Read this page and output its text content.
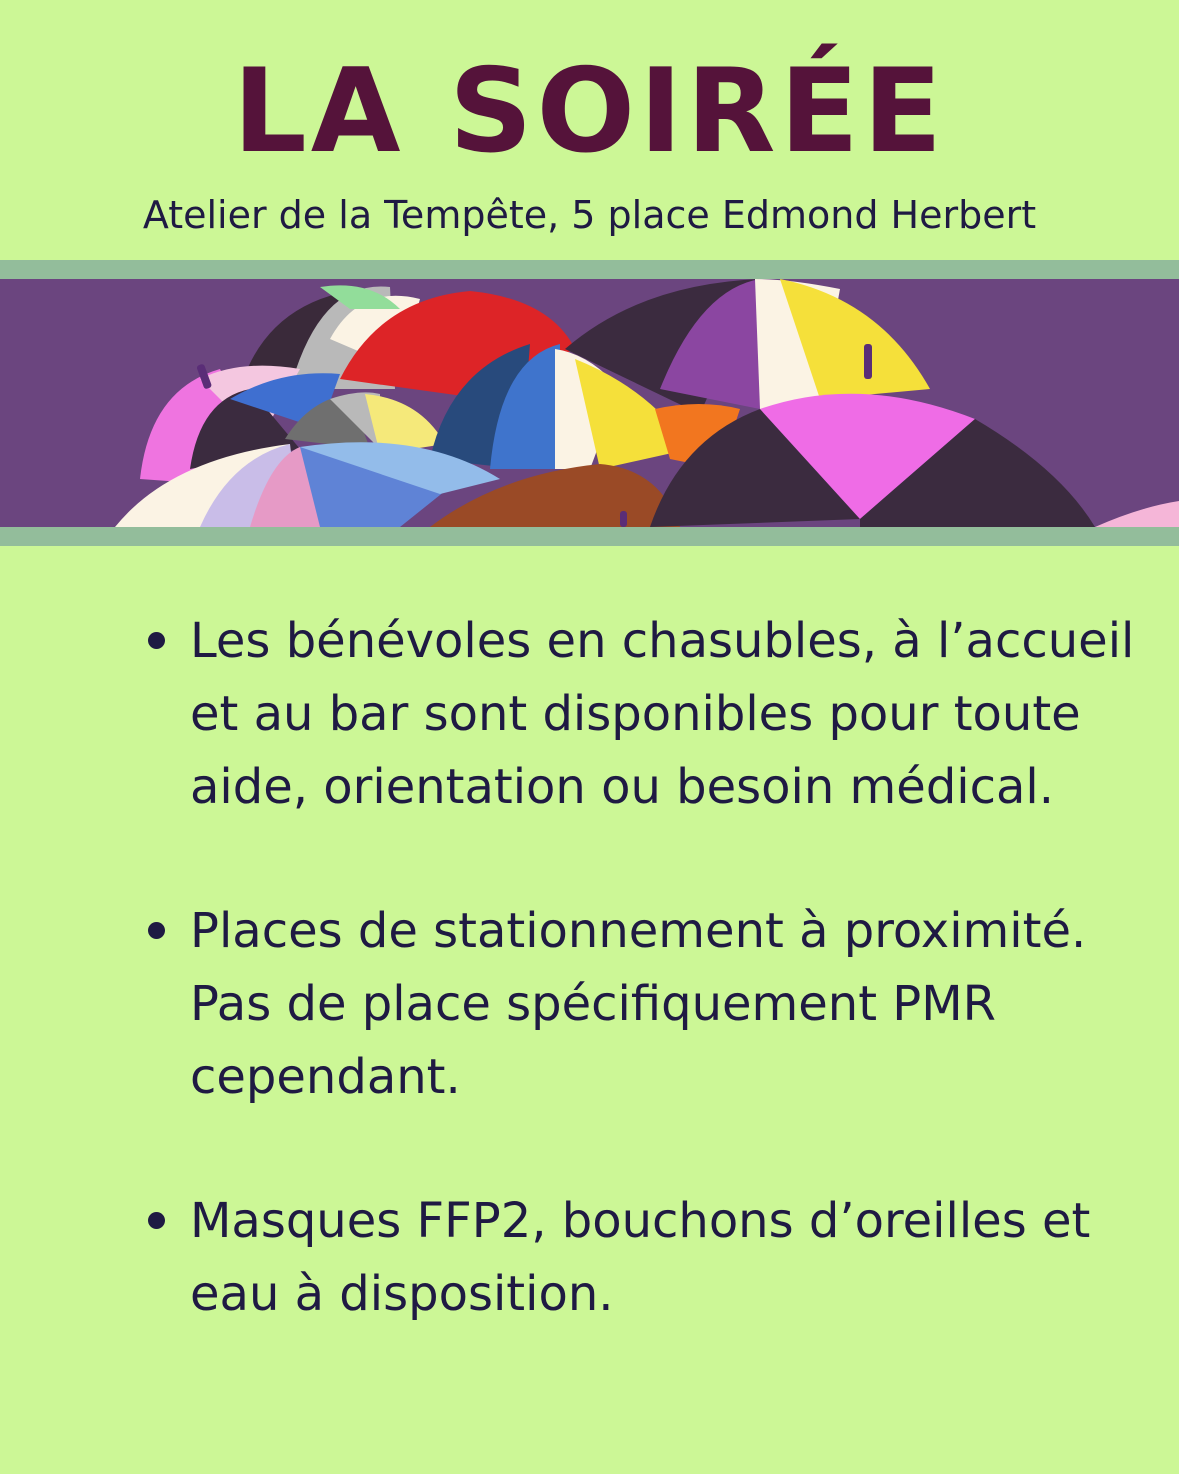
LA SOIRÉE

Atelier de la Tempête, 5 place Edmond Herbert

Les bénévoles en chasubles, à l’accueil et au bar sont disponibles pour toute aide, orientation ou besoin médical.
Places de stationnement à proximité. Pas de place spécifiquement PMR cependant.
Masques FFP2, bouchons d’oreilles et eau à disposition.
